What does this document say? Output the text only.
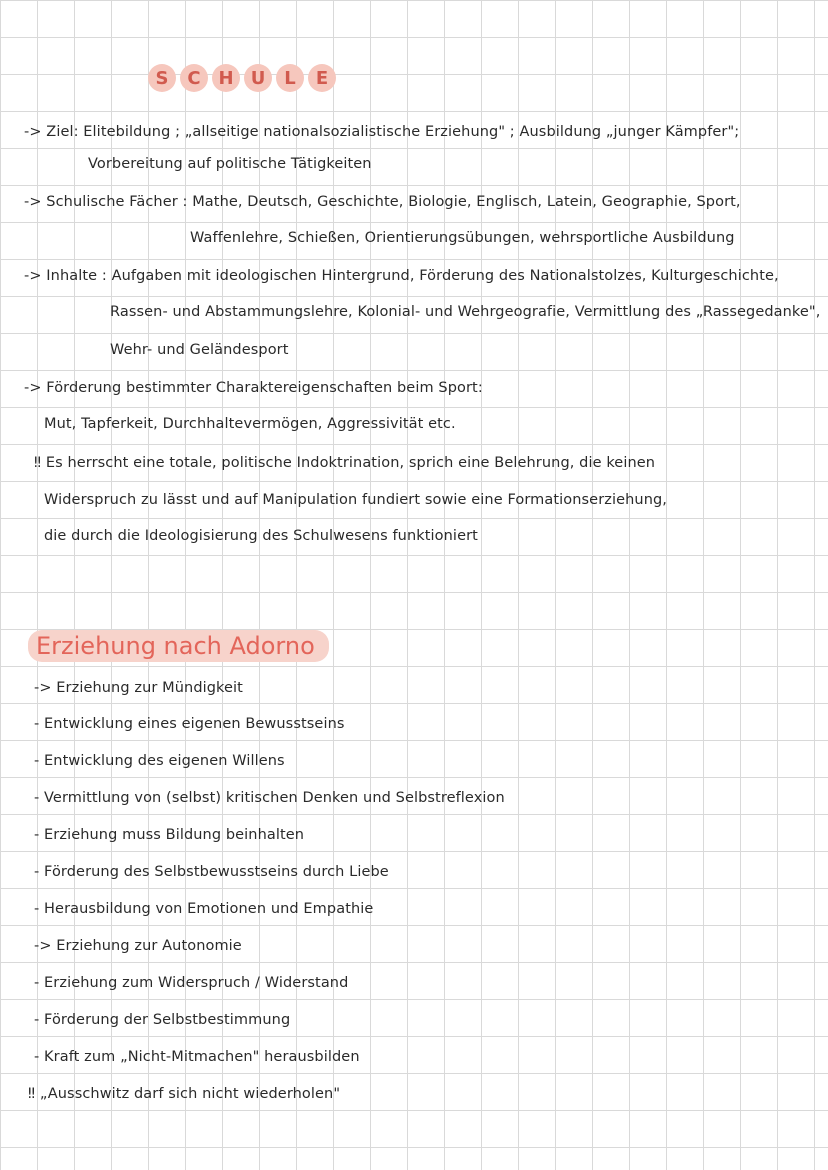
S	C H U	L	E
-> Ziel: Elitebildung ; „allseitige nationalsozialistische Erziehung" ; Ausbildung „junger Kämpfer";
Vorbereitung auf politische Tätigkeiten
-> Schulische Fächer : Mathe, Deutsch, Geschichte, Biologie, Englisch, Latein, Geographie, Sport,
Waffenlehre, Schießen, Orientierungsübungen, wehrsportliche Ausbildung
-> Inhalte : Aufgaben mit ideologischen Hintergrund, Förderung des Nationalstolzes, Kulturgeschichte,
Rassen- und Abstammungslehre, Kolonial- und Wehrgeografie, Vermittlung des „Rassegedanke",
Wehr- und Geländesport
-> Förderung bestimmter Charaktereigenschaften beim Sport:
Mut, Tapferkeit, Durchhaltevermögen, Aggressivität etc.
‼ Es herrscht eine totale, politische Indoktrination, sprich eine Belehrung, die keinen
Widerspruch zu lässt und auf Manipulation fundiert sowie eine Formationserziehung,
die durch die Ideologisierung des Schulwesens funktioniert
Erziehung nach Adorno
-> Erziehung zur Mündigkeit
- Entwicklung eines eigenen Bewusstseins
- Entwicklung des eigenen Willens
- Vermittlung von (selbst) kritischen Denken und Selbstreflexion
- Erziehung muss Bildung beinhalten
- Förderung des Selbstbewusstseins durch Liebe
- Herausbildung von Emotionen und Empathie
-> Erziehung zur Autonomie
- Erziehung zum Widerspruch / Widerstand
- Förderung der Selbstbestimmung
- Kraft zum „Nicht-Mitmachen" herausbilden
‼ „Ausschwitz darf sich nicht wiederholen"
